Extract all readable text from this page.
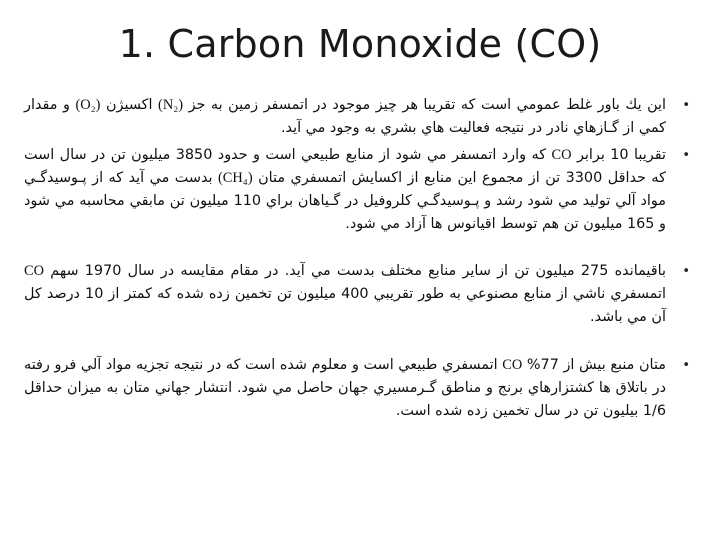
1. Carbon Monoxide (CO)

•
اين يك باور غلط عمومي است كه تقريبا هر چيز موجود در اتمسفر زمين به جز (N₂) اكسيژن (O₂) و مقدار كمي از گـازهاي نادر در نتيجه فعاليت هاي بشري به وجود مي آيد.

•
تقريبا 10 برابر CO كه وارد اتمسفر مي شود از منابع طبيعي است و حدود 3850 ميليون تن در سال است كه حداقل 3300 تن از مجموع اين منابع از اكسايش اتمسفري متان (CH₄) بدست مي آيد كه از پـوسيدگـي مواد آلي توليد مي شود رشد و پـوسيدگـي كلروفيل در گـياهان براي 110 ميليون تن مابقي محاسبه مي شود و 165 ميليون تن هم توسط اقيانوس ها آزاد مي شود.

•
باقيمانده 275 ميليون تن از ساير منابع مختلف بدست مي آيد. در مقام مقايسه در سال 1970 سهم CO اتمسفري ناشي از منابع مصنوعي به طور تقريبي 400 ميليون تن تخمين زده شده كه كمتر از 10 درصد كل آن مي باشد.

•
متان منبع بيش از 77% CO اتمسفري طبيعي است و معلوم شده است كه در نتيجه تجزيه مواد آلي فرو رفته در باتلاق ها كشتزارهاي برنج و مناطق گـرمسيري جهان حاصل مي شود. انتشار جهاني متان به ميزان حداقل 1/6 بيليون تن در سال تخمين زده شده است.
